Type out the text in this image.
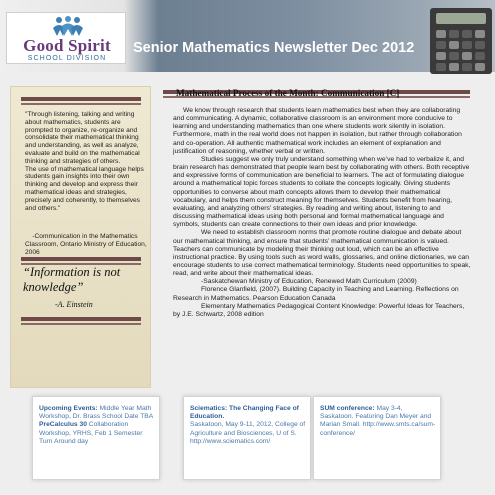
Good Spirit
SCHOOL DIVISION
Senior Mathematics Newsletter Dec 2012
"Through listening, talking and writing about mathematics, students are prompted to organize, re-organize and consolidate their mathematical thinking and understanding, as well as analyze, evaluate and build on the mathematical thinking and strategies of others.
The use of mathematical language helps students gain insights into their own thinking and develop and express their mathematical ideas and strategies, precisely and coherently, to themselves and others."
-Communication in the Mathematics Classroom, Ontario Ministry of Education, 2006
“Information is not knowledge”
-A. Einstein
Mathematical Process of the Month: Communication [C]

We know through research that students learn mathematics best when they are collaborating and communicating. A dynamic, collaborative classroom is an environment more conducive to learning and understanding mathematics than one where students work silently in isolation. Furthermore, math in the real world does not happen in isolation, but rather through collaboration and co-operation. All authentic mathematical work includes an element of explanation and justification of reasoning, whether verbal or written.

Studies suggest we only truly understand something when we’ve had to verbalize it, and brain research has demonstrated that people learn best by collaborating with others. Both receptive and expressive forms of communication are beneficial to learners. The act of formulating dialogue around a mathematical topic forces students to collate the concepts logically. Giving students opportunities to converse about math concepts allows them to develop their mathematical vocabulary, and helps them construct meaning for themselves. Students benefit from hearing, evaluating, and analyzing others’ strategies. By reading and writing about, listening to and discussing mathematical ideas using both personal and formal mathematical language and symbols, students can create connections to their own ideas and prior knowledge.

We need to establish classroom norms that promote routine dialogue and debate about our mathematical thinking, and ensure that students’ mathematical communication is valued. Teachers can communicate by modeling their thinking out loud, which can be an effective instructional practice. By using tools such as word walls, glossaries, and online dictionaries, we can encourage students to use correct mathematical terminology. Students need opportunities to speak, read, and write about their mathematical ideas.

-Saskatchewan Ministry of Education, Renewed Math Curriculum (2009)

Florence Glanfield, (2007). Building Capacity in Teaching and Learning. Reflections on Research in Mathematics. Pearson Education Canada

Elementary Mathematics Pedagogical Content Knowledge: Powerful Ideas for Teachers, by J.E. Schwartz, 2008 edition

Upcoming Events: Middle Year Math Workshop, Dr. Brass School Date TBA
PreCalculus 30 Collaboration Workshop, YRHS, Feb 1 Semester Turn Around day
Sciematics: The Changing Face of Education.
Saskatoon, May 9-11, 2012, College of Agriculture and Biosciences, U of S. http://www.sciematics.com/
SUM conference: May 3-4, Saskatoon. Featuring Dan Meyer and Marian Small. http://www.smts.ca/sum-conference/
